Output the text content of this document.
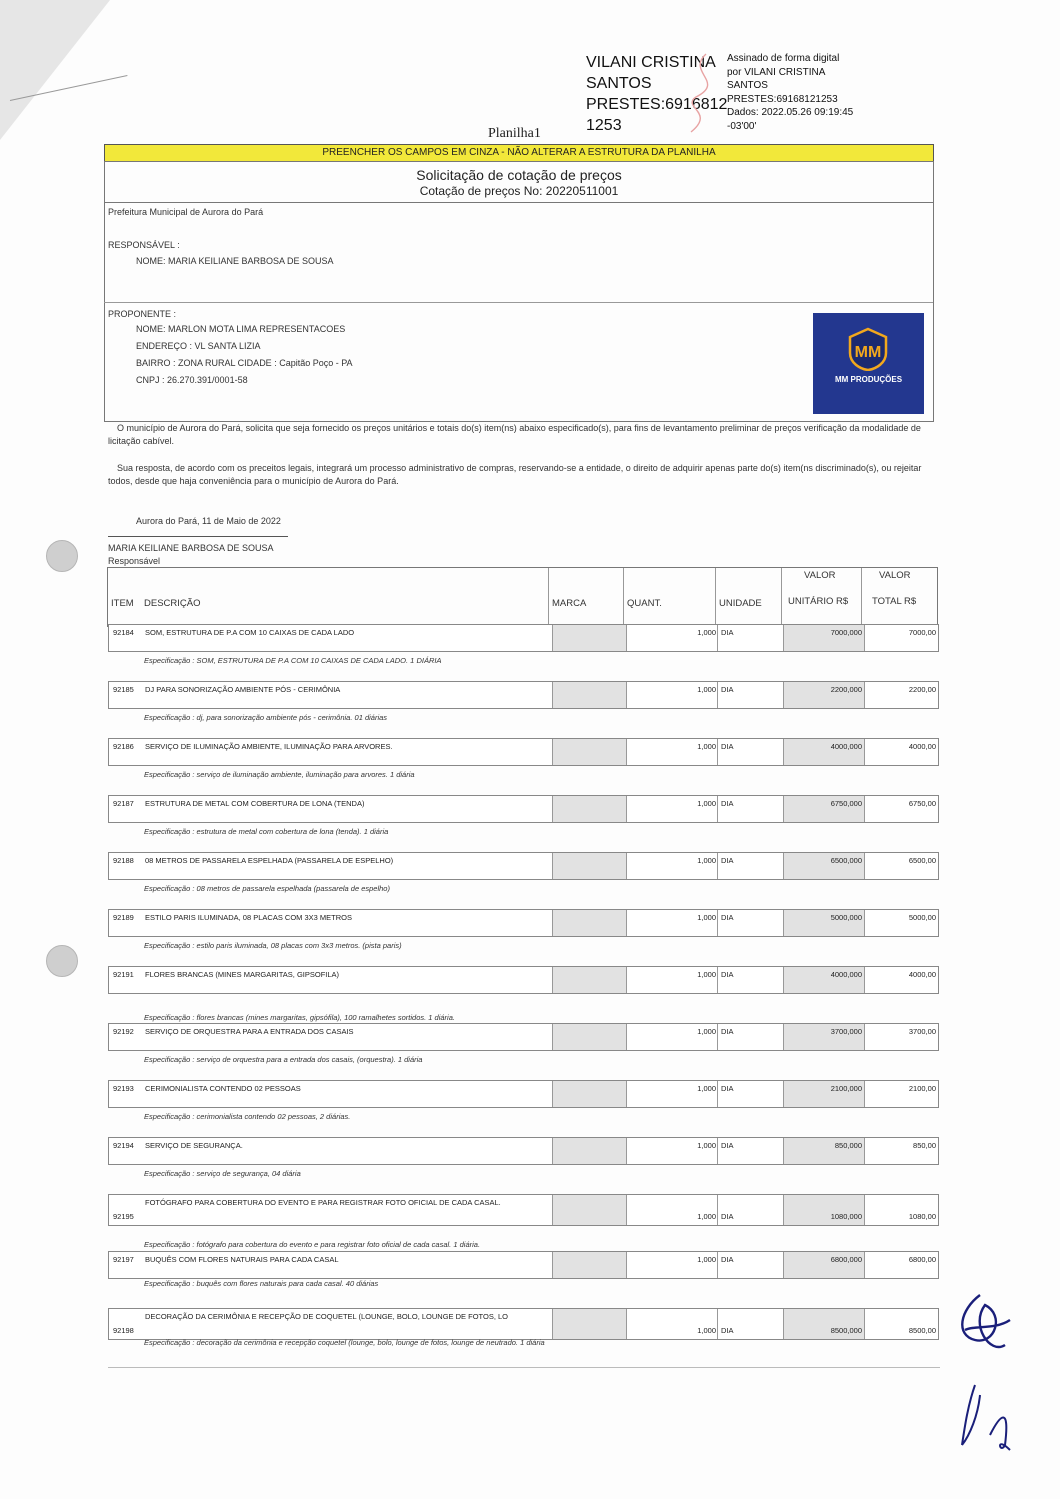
VILANI CRISTINA
SANTOS
PRESTES:6916812
1253
Assinado de forma digital
por VILANI CRISTINA
SANTOS
PRESTES:69168121253
Dados: 2022.05.26 09:19:45
-03'00'
Planilha1
PREENCHER OS CAMPOS EM CINZA - NÃO ALTERAR A ESTRUTURA DA PLANILHA
Solicitação de cotação de preços
Cotação de preços No: 20220511001
Prefeitura Municipal de Aurora do Pará
RESPONSÁVEL :
NOME: MARIA KEILIANE BARBOSA DE SOUSA
PROPONENTE :
NOME: MARLON MOTA LIMA REPRESENTACOES
ENDEREÇO : VL SANTA LIZIA
BAIRRO : ZONA RURAL CIDADE : Capitão Poço - PA
CNPJ : 26.270.391/0001-58
MM
MM PRODUÇÕES
O município de Aurora do Pará, solicita que seja fornecido os preços unitários e totais do(s) item(ns) abaixo especificado(s), para fins de levantamento preliminar de preços verificação da modalidade de licitação cabível.
Sua resposta, de acordo com os preceitos legais, integrará um processo administrativo de compras, reservando-se a entidade, o direito de adquirir apenas parte do(s) item(ns discriminado(s), ou rejeitar todos, desde que haja conveniência para o município de Aurora do Pará.
Aurora do Pará, 11 de Maio de 2022
MARIA KEILIANE BARBOSA DE SOUSA
Responsável
ITEM DESCRIÇÃO	MARCA	QUANT.	UNIDADE
VALOR
UNITÁRIO R$
VALOR
TOTAL R$
92184 SOM, ESTRUTURA DE P.A COM 10 CAIXAS DE CADA LADO	1,000 DIA	7000,000	7000,00
Especificação : SOM, ESTRUTURA DE P.A COM 10 CAIXAS DE CADA LADO. 1 DIÁRIA
92185 DJ PARA SONORIZAÇÃO AMBIENTE PÓS - CERIMÔNIA	1,000 DIA	2200,000	2200,00
Especificação : dj, para sonorização ambiente pós - cerimônia. 01 diárias
92186 SERVIÇO DE ILUMINAÇÃO AMBIENTE, ILUMINAÇÃO PARA ARVORES.	1,000 DIA	4000,000	4000,00
Especificação : serviço de iluminação ambiente, iluminação para arvores. 1 diária
92187 ESTRUTURA DE METAL COM COBERTURA DE LONA (TENDA)	1,000 DIA	6750,000	6750,00
Especificação : estrutura de metal com cobertura de lona (tenda). 1 diária
92188 08 METROS DE PASSARELA ESPELHADA (PASSARELA DE ESPELHO)	1,000 DIA	6500,000	6500,00
Especificação : 08 metros de passarela espelhada (passarela de espelho)
92189 ESTILO PARIS ILUMINADA, 08 PLACAS COM 3X3 METROS	1,000 DIA	5000,000	5000,00
Especificação : estilo paris iluminada, 08 placas com 3x3 metros. (pista paris)
92191 FLORES BRANCAS (MINES MARGARITAS, GIPSOFILA)	1,000 DIA	4000,000	4000,00
Especificação : flores brancas (mines margaritas, gipsófila), 100 ramalhetes sortidos. 1 diária.
92192 SERVIÇO DE ORQUESTRA PARA A ENTRADA DOS CASAIS	1,000 DIA	3700,000	3700,00
Especificação : serviço de orquestra para a entrada dos casais, (orquestra). 1 diária
92193 CERIMONIALISTA CONTENDO 02 PESSOAS	1,000 DIA	2100,000	2100,00
Especificação : cerimonialista contendo 02 pessoas, 2 diárias.
92194 SERVIÇO DE SEGURANÇA.	1,000 DIA	850,000	850,00
Especificação : serviço de segurança, 04 diária
92195
FOTÓGRAFO PARA COBERTURA DO EVENTO E PARA REGISTRAR FOTO OFICIAL DE CADA CASAL.
1,000 DIA	1080,000	1080,00
Especificação : fotógrafo para cobertura do evento e para registrar foto oficial de cada casal. 1 diária.
92197 BUQUÊS COM FLORES NATURAIS PARA CADA CASAL	1,000 DIA	6800,000	6800,00
Especificação : buquês com flores naturais para cada casal. 40 diárias
92198
DECORAÇÃO DA CERIMÔNIA E RECEPÇÃO DE COQUETEL (LOUNGE, BOLO, LOUNGE DE FOTOS, LO
1,000 DIA	8500,000	8500,00
Especificação : decoração da cerimônia e recepção coquetel (lounge, bolo, lounge de fotos, lounge de neutrado. 1 diária
